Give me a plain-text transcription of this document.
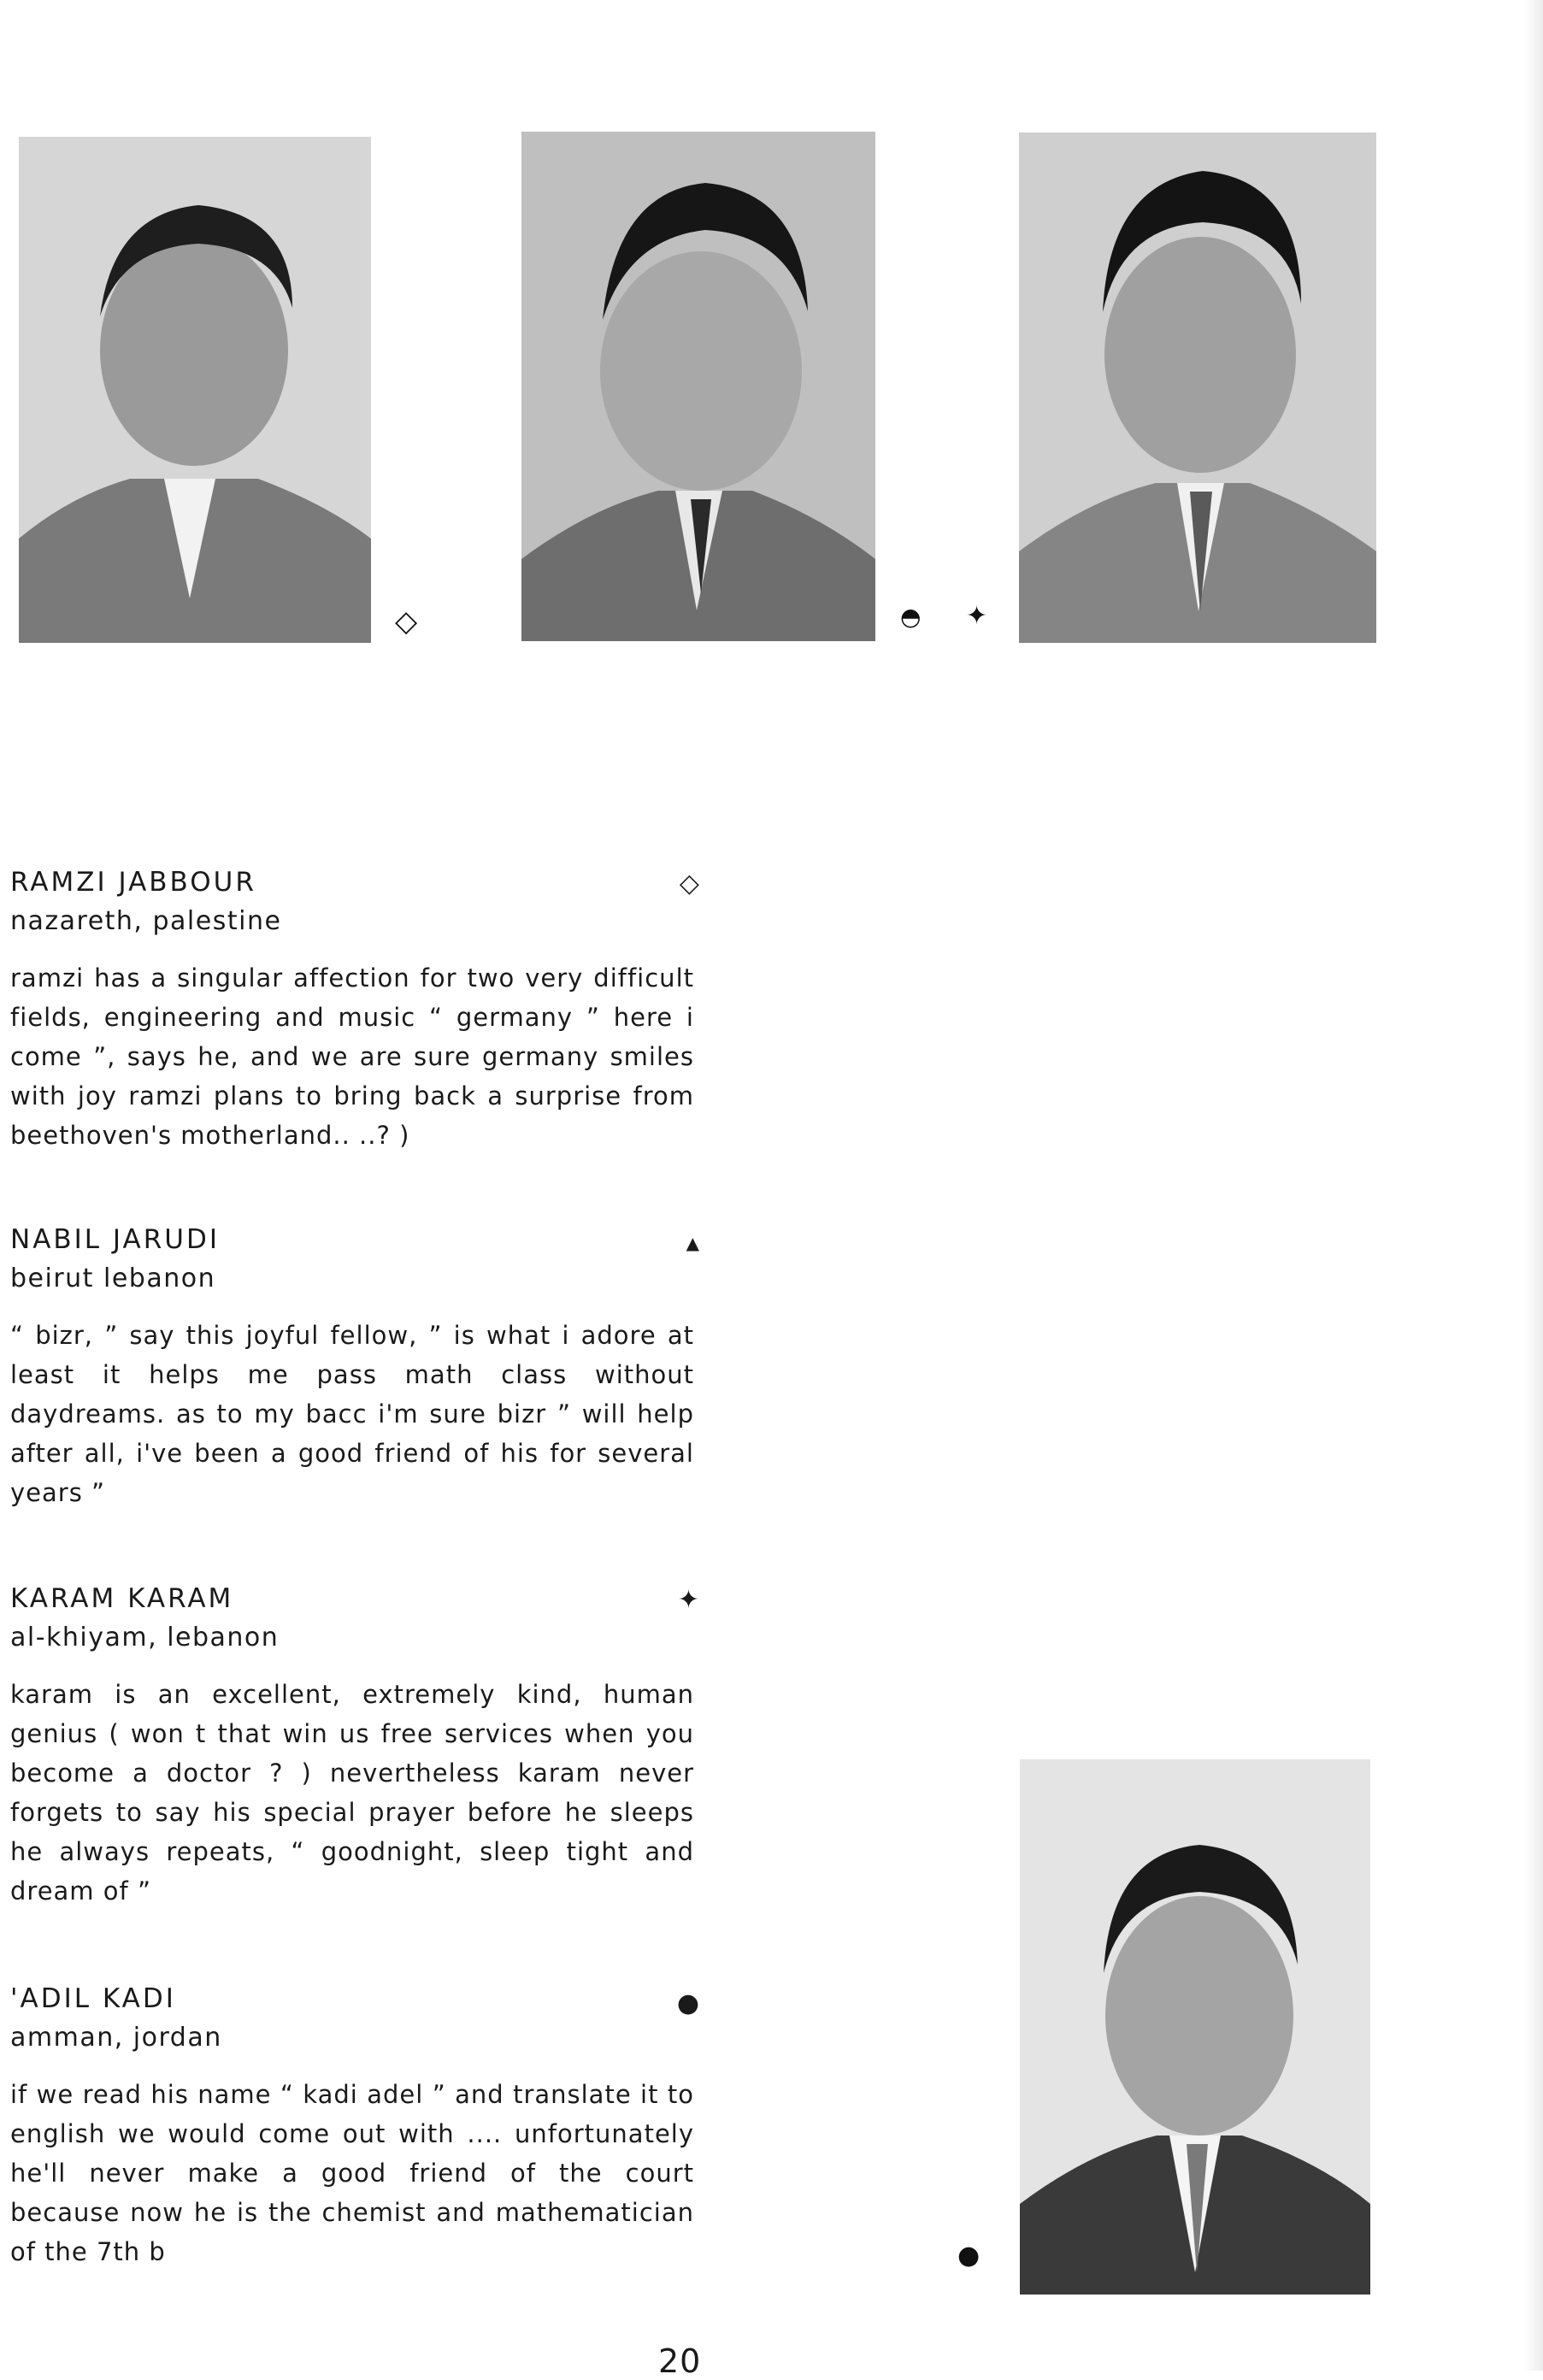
◇	◓ ✦
●
RAMZI JABBOUR	◇
nazareth, palestine
ramzi has a singular affection for two very difficult fields, engineering and music “ germany ” here i come ”, says he, and we are sure germany smiles with joy ramzi plans to bring back a surprise from beethoven's motherland.. ..? )
NABIL JARUDI	▲
beirut lebanon
“ bizr, ” say this joyful fellow, ” is what i adore at least it helps me pass math class without daydreams. as to my bacc i'm sure bizr ” will help after all, i've been a good friend of his for several years ”
KARAM KARAM	✦
al-khiyam, lebanon
karam is an excellent, extremely kind, human genius ( won t that win us free services when you become a doctor ? ) nevertheless karam never forgets to say his special prayer before he sleeps he always repeats, “ goodnight, sleep tight and dream of ”
'ADIL KADI	●
amman, jordan
if we read his name “ kadi adel ” and translate it to english we would come out with .... unfortunately he'll never make a good friend of the court because now he is the chemist and mathematician of the 7th b
20
